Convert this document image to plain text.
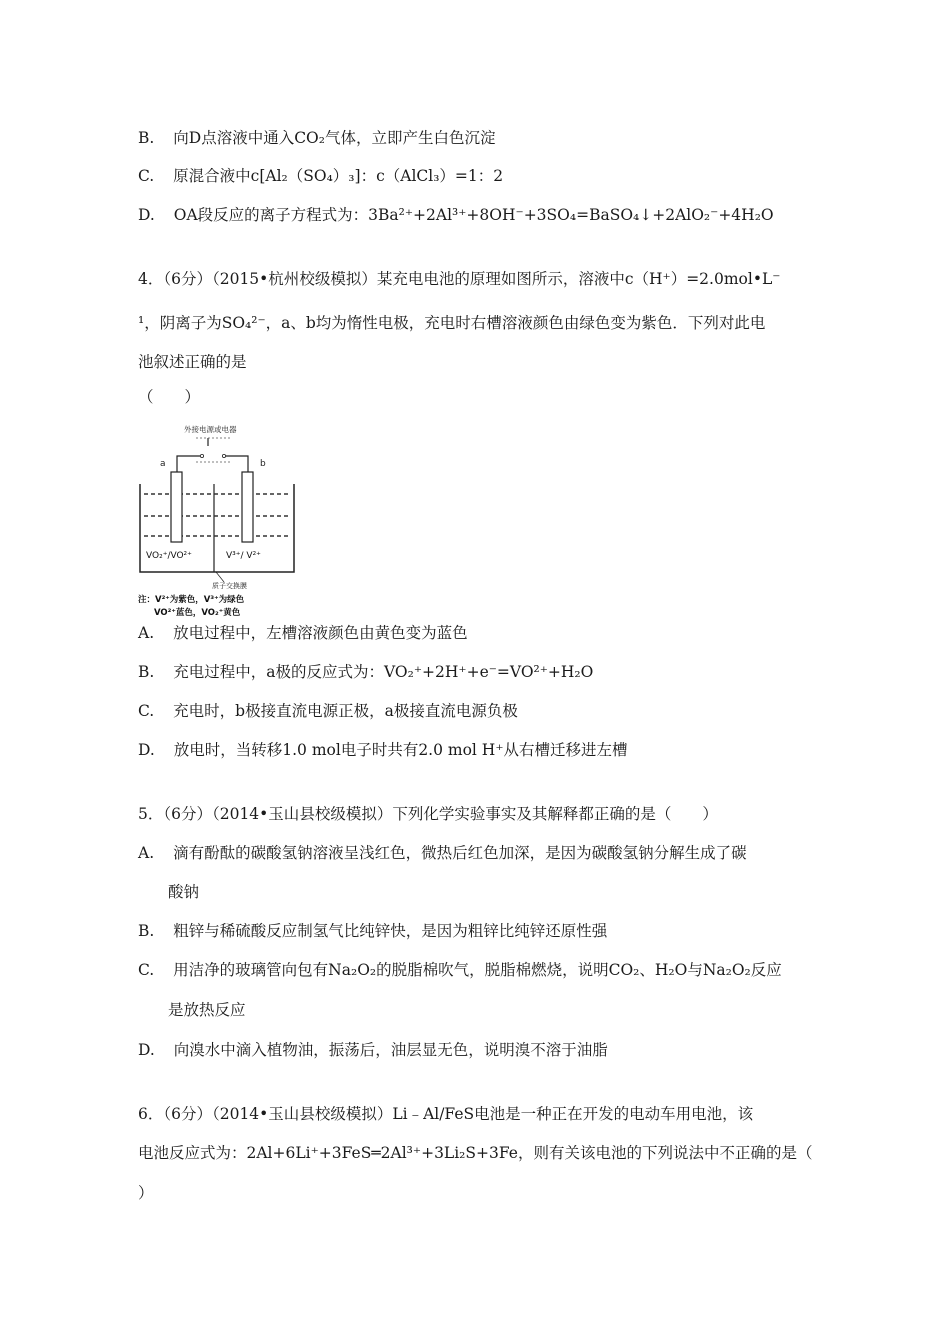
B. 向D点溶液中通入CO₂气体，立即产生白色沉淀
C. 原混合液中c[Al₂（SO₄）₃]：c（AlCl₃）=1：2
D. OA段反应的离子方程式为：3Ba²⁺+2Al³⁺+8OH⁻+3SO₄=BaSO₄↓+2AlO₂⁻+4H₂O
4．（6分）（2015•杭州校级模拟）某充电电池的原理如图所示，溶液中c（H⁺）=2.0mol•L⁻
¹，阴离子为SO₄²⁻，a、b均为惰性电极，充电时右槽溶液颜色由绿色变为紫色．下列对此电
池叙述正确的是
（　　）
外接电源或电器
a	b
VO₂⁺/VO²⁺	V³⁺/ V²⁺
质子交换膜
注：V²⁺为紫色，V³⁺为绿色
VO²⁺蓝色，VO₂⁺黄色
A. 放电过程中，左槽溶液颜色由黄色变为蓝色
B. 充电过程中，a极的反应式为：VO₂⁺+2H⁺+e⁻=VO²⁺+H₂O
C. 充电时，b极接直流电源正极，a极接直流电源负极
D. 放电时，当转移1.0 mol电子时共有2.0 mol H⁺从右槽迁移进左槽
5．（6分）（2014•玉山县校级模拟）下列化学实验事实及其解释都正确的是（　　）
A. 滴有酚酞的碳酸氢钠溶液呈浅红色，微热后红色加深，是因为碳酸氢钠分解生成了碳
酸钠
B. 粗锌与稀硫酸反应制氢气比纯锌快，是因为粗锌比纯锌还原性强
C. 用洁净的玻璃管向包有Na₂O₂的脱脂棉吹气，脱脂棉燃烧，说明CO₂、H₂O与Na₂O₂反应
是放热反应
D. 向溴水中滴入植物油，振荡后，油层显无色，说明溴不溶于油脂
6．（6分）（2014•玉山县校级模拟）Li﹣Al/FeS电池是一种正在开发的电动车用电池，该
电池反应式为：2Al+6Li⁺+3FeS═2Al³⁺+3Li₂S+3Fe，则有关该电池的下列说法中不正确的是（
）
